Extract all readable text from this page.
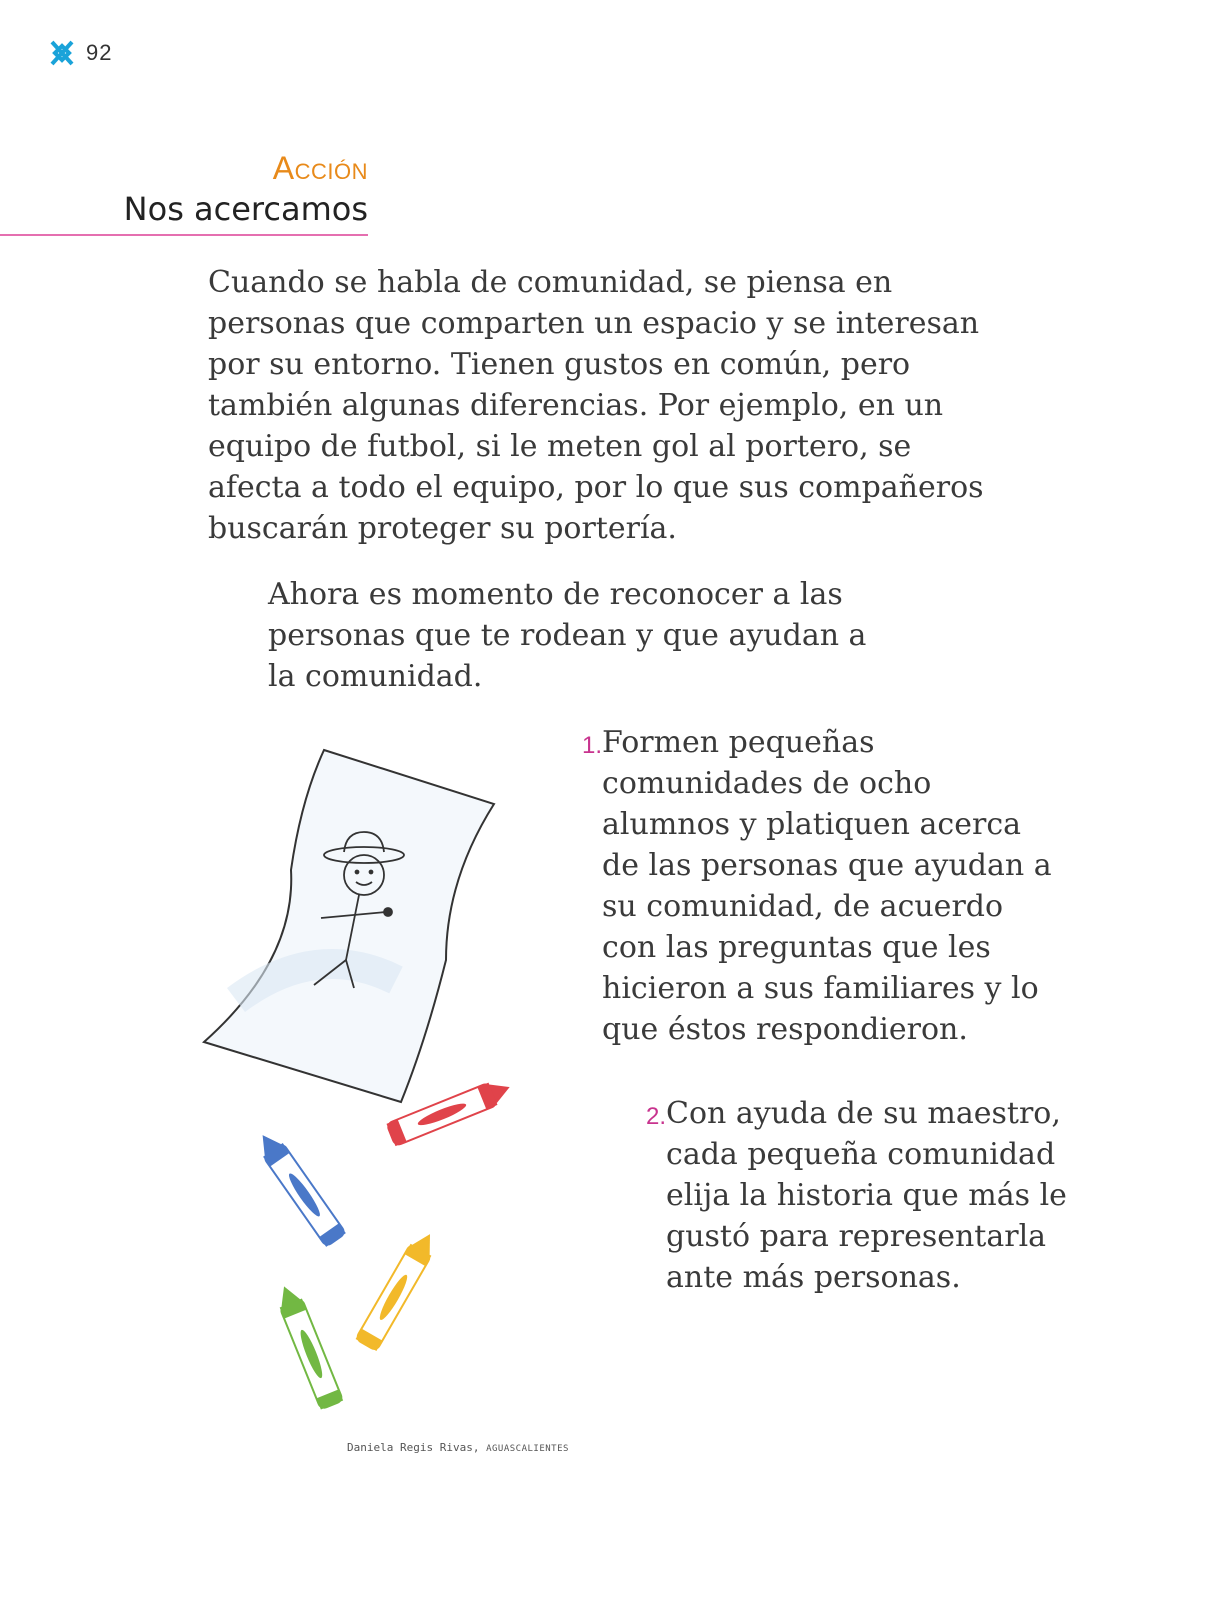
92
Acción
Nos acercamos

Cuando se habla de comunidad, se piensa en personas que comparten un espacio y se interesan por su entorno. Tienen gustos en común, pero también algunas diferencias. Por ejemplo, en un equipo de futbol, si le meten gol al portero, se afecta a todo el equipo, por lo que sus compañeros buscarán proteger su portería.

Ahora es momento de reconocer a las personas que te rodean y que ayudan a la comunidad.

1. Formen pequeñas comunidades de ocho alumnos y platiquen acerca de las personas que ayudan a su comunidad, de acuerdo con las preguntas que les hicieron a sus familiares y lo que éstos respondieron.
2. Con ayuda de su maestro, cada pequeña comunidad elija la historia que más le gustó para representarla ante más personas.
Daniela Regis Rivas, AGUASCALIENTES
